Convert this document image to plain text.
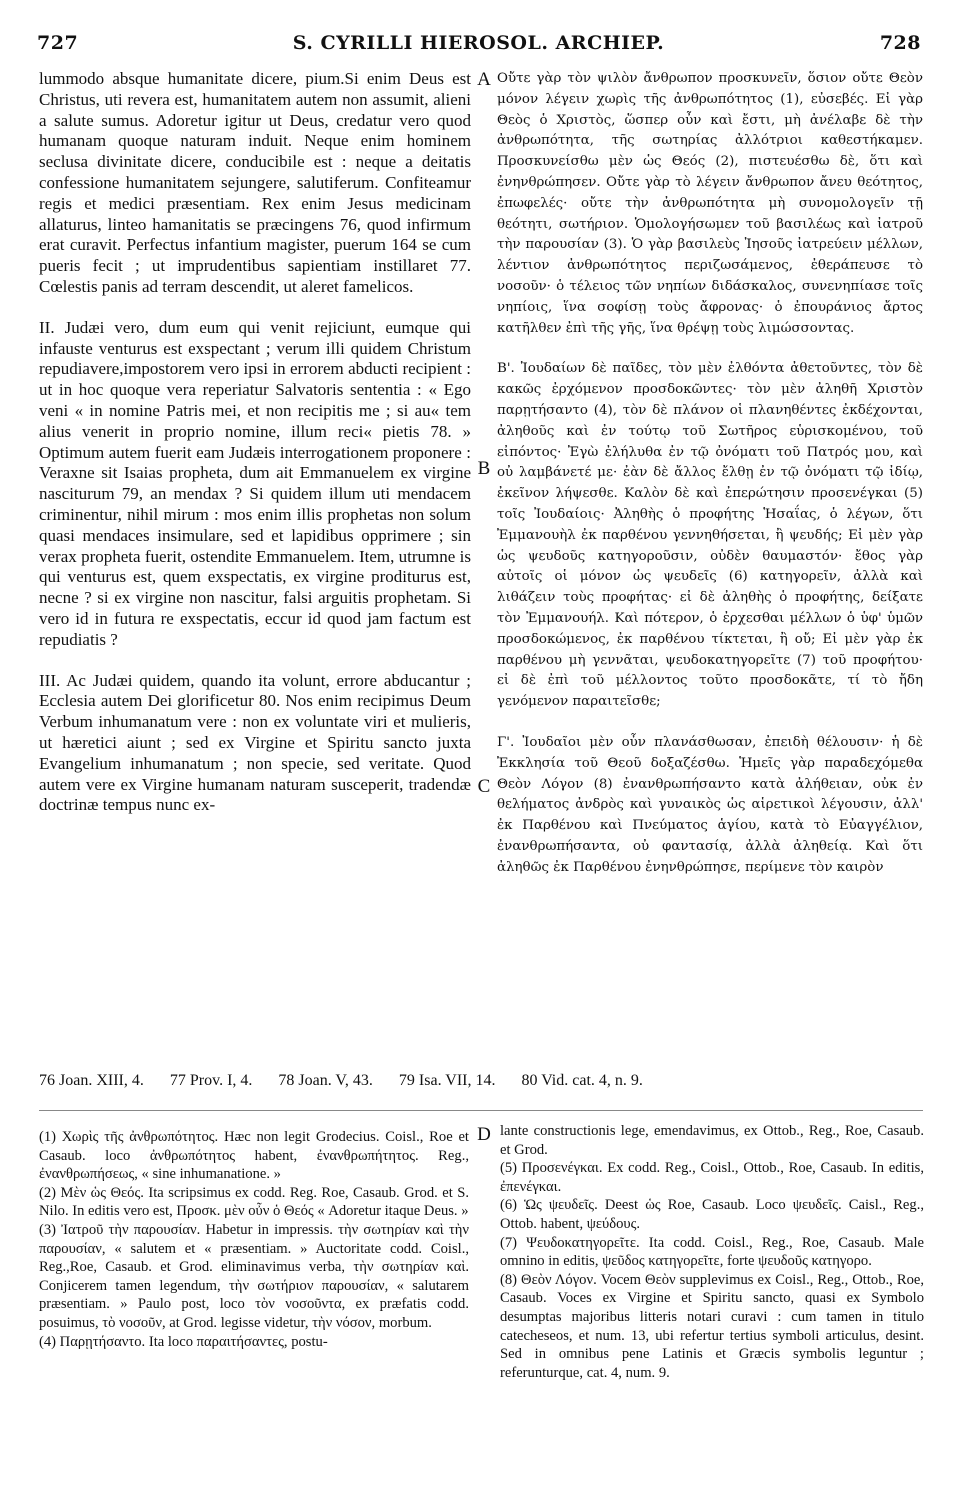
S. CYRILLI HIEROSOL. ARCHIEP.
727	728
A
B
C
D

lummodo absque humanitate dicere, pium.Si enim Deus est Christus, uti revera est, humanitatem autem non assumit, alieni a salute sumus. Adoretur igitur ut Deus, credatur vero quod humanam quoque naturam induit. Neque enim hominem seclusa divinitate dicere, conducibile est : neque a deitatis confessione humanitatem sejungere, salutiferum. Confiteamur regis et medici præsentiam. Rex enim Jesus medicinam allaturus, linteo hamanitatis se præcingens 76, quod infirmum erat curavit. Perfectus infantium magister, puerum 164 se cum pueris fecit ; ut imprudentibus sapientiam instillaret 77. Cœlestis panis ad terram descendit, ut aleret famelicos.

II. Judæi vero, dum eum qui venit rejiciunt, eumque qui infauste venturus est exspectant ; verum illi quidem Christum repudiavere,impostorem vero ipsi in errorem abducti recipient : ut in hoc quoque vera reperiatur Salvatoris sententia : « Ego veni « in nomine Patris mei, et non recipitis me ; si au« tem alius venerit in proprio nomine, illum reci« pietis 78. » Optimum autem fuerit eam Judæis interrogationem proponere : Veraxne sit Isaias propheta, dum ait Emmanuelem ex virgine nasciturum 79, an mendax ? Si quidem illum uti mendacem criminentur, nihil mirum : mos enim illis prophetas non solum quasi mendaces insimulare, sed et lapidibus opprimere ; sin verax propheta fuerit, ostendite Emmanuelem. Item, utrumne is qui venturus est, quem exspectatis, ex virgine proditurus est, necne ? si ex virgine non nascitur, falsi arguitis prophetam. Si vero id in futura re exspectatis, eccur id quod jam factum est repudiatis ?

III. Ac Judæi quidem, quando ita volunt, errore abducantur ; Ecclesia autem Dei glorificetur 80. Nos enim recipimus Deum Verbum inhumanatum vere : non ex voluntate viri et mulieris, ut hæretici aiunt ; sed ex Virgine et Spiritu sancto juxta Evangelium inhumanatum ; non specie, sed veritate. Quod autem vere ex Virgine humanam naturam susceperit, tradendæ doctrinæ tempus nunc ex-

Οὔτε γὰρ τὸν ψιλὸν ἄνθρωπον προσκυνεῖν, ὅσιον οὔτε Θεὸν μόνον λέγειν χωρὶς τῆς ἀνθρωπότητος (1), εὐσεβές. Εἰ γὰρ Θεὸς ὁ Χριστὸς, ὥσπερ οὖν καὶ ἔστι, μὴ ἀνέλαβε δὲ τὴν ἀνθρωπότητα, τῆς σωτηρίας ἀλλότριοι καθεστήκαμεν. Προσκυνείσθω μὲν ὡς Θεός (2), πιστευέσθω δὲ, ὅτι καὶ ἐνηνθρώπησεν. Οὔτε γὰρ τὸ λέγειν ἄνθρωπον ἄνευ θεότητος, ἐπωφελές· οὔτε τὴν ἀνθρωπότητα μὴ συνομολογεῖν τῇ θεότητι, σωτήριον. Ὁμολογήσωμεν τοῦ βασιλέως καὶ ἰατροῦ τὴν παρουσίαν (3). Ὁ γὰρ βασιλεὺς Ἰησοῦς ἰατρεύειν μέλλων, λέντιον ἀνθρωπότητος περιζωσάμενος, ἐθεράπευσε τὸ νοσοῦν· ὁ τέλειος τῶν νηπίων διδάσκαλος, συνενηπίασε τοῖς νηπίοις, ἵνα σοφίσῃ τοὺς ἄφρονας· ὁ ἐπουράνιος ἄρτος κατῆλθεν ἐπὶ τῆς γῆς, ἵνα θρέψῃ τοὺς λιμώσσοντας.

Β'. Ἰουδαίων δὲ παῖδες, τὸν μὲν ἐλθόντα ἀθετοῦντες, τὸν δὲ κακῶς ἐρχόμενον προσδοκῶντες· τὸν μὲν ἀληθῆ Χριστὸν παρῃτήσαντο (4), τὸν δὲ πλάνον οἱ πλανηθέντες ἐκδέχονται, ἀληθοῦς καὶ ἐν τούτῳ τοῦ Σωτῆρος εὑρισκομένου, τοῦ εἰπόντος· Ἐγὼ ἐλήλυθα ἐν τῷ ὀνόματι τοῦ Πατρός μου, καὶ οὐ λαμβάνετέ με· ἐὰν δὲ ἄλλος ἔλθῃ ἐν τῷ ὀνόματι τῷ ἰδίῳ, ἐκεῖνον λήψεσθε. Καλὸν δὲ καὶ ἐπερώτησιν προσενέγκαι (5) τοῖς Ἰουδαίοις· Ἀληθὴς ὁ προφήτης Ἡσαΐας, ὁ λέγων, ὅτι Ἐμμανουὴλ ἐκ παρθένου γεννηθήσεται, ἢ ψευδής; Εἰ μὲν γὰρ ὡς ψευδοῦς κατηγοροῦσιν, οὐδὲν θαυμαστόν· ἔθος γὰρ αὐτοῖς οἱ μόνον ὡς ψευδεῖς (6) κατηγορεῖν, ἀλλὰ καὶ λιθάζειν τοὺς προφήτας· εἰ δὲ ἀληθὴς ὁ προφήτης, δείξατε τὸν Ἐμμανουήλ. Καὶ πότερον, ὁ ἐρχεσθαι μέλλων ὁ ὑφ' ὑμῶν προσδοκώμενος, ἐκ παρθένου τίκτεται, ἢ οὔ; Εἰ μὲν γὰρ ἐκ παρθένου μὴ γεννᾶται, ψευδοκατηγορεῖτε (7) τοῦ προφήτου· εἰ δὲ ἐπὶ τοῦ μέλλοντος τοῦτο προσδοκᾶτε, τί τὸ ἤδη γενόμενον παραιτεῖσθε;

Γ'. Ἰουδαῖοι μὲν οὖν πλανάσθωσαν, ἐπειδὴ θέλουσιν· ἡ δὲ Ἐκκλησία τοῦ Θεοῦ δοξαζέσθω. Ἡμεῖς γὰρ παραδεχόμεθα Θεὸν Λόγον (8) ἐνανθρωπήσαντο κατὰ ἀλήθειαν, οὐκ ἐν θελήματος ἀνδρὸς καὶ γυναικὸς ὡς αἱρετικοὶ λέγουσιν, ἀλλ' ἐκ Παρθένου καὶ Πνεύματος ἁγίου, κατὰ τὸ Εὐαγγέλιον, ἐνανθρωπήσαντα, οὐ φαντασίᾳ, ἀλλὰ ἀληθείᾳ. Καὶ ὅτι ἀληθῶς ἐκ Παρθένου ἐνηνθρώπησε, περίμενε τὸν καιρὸν

76 Joan. XIII, 4. 77 Prov. I, 4. 78 Joan. V, 43. 79 Isa. VII, 14. 80 Vid. cat. 4, n. 9.

(1) Χωρὶς τῆς ἀνθρωπότητος. Hæc non legit Grodecius. Coisl., Roe et Casaub. loco ἀνθρωπότητος habent, ἐνανθρωπήτητος. Reg., ἐνανθρωπήσεως, « sine inhumanatione. »

(2) Μὲν ὡς Θεός. Ita scripsimus ex codd. Reg. Roe, Casaub. Grod. et S. Nilo. In editis vero est, Προσκ. μὲν οὖν ὁ Θεός « Adoretur itaque Deus. »

(3) Ἰατροῦ τὴν παρουσίαν. Habetur in impressis. τὴν σωτηρίαν καὶ τὴν παρουσίαν, « salutem et « præsentiam. » Auctoritate codd. Coisl., Reg.,Roe, Casaub. et Grod. eliminavimus verba, τὴν σωτηρίαν καὶ. Conjicerem tamen legendum, τὴν σωτήριον παρουσίαν, « salutarem præsentiam. » Paulo post, loco τὸν νοσοῦντα, ex præfatis codd. posuimus, τὸ νοσοῦν, at Grod. legisse videtur, τὴν νόσον, morbum.

(4) Παρῃτήσαντο. Ita loco παραιτήσαντες, postu-

lante constructionis lege, emendavimus, ex Ottob., Reg., Roe, Casaub. et Grod.

(5) Προσενέγκαι. Ex codd. Reg., Coisl., Ottob., Roe, Casaub. In editis, ἐπενέγκαι.

(6) Ὡς ψευδεῖς. Deest ὡς Roe, Casaub. Loco ψευδεῖς. Caisl., Reg., Ottob. habent, ψεύδους.

(7) Ψευδοκατηγορεῖτε. Ita codd. Coisl., Reg., Roe, Casaub. Male omnino in editis, ψεῦδος κατηγορεῖτε, forte ψευδοῦς κατηγορο.

(8) Θεὸν Λόγον. Vocem Θεὸν supplevimus ex Coisl., Reg., Ottob., Roe, Casaub. Voces ex Virgine et Spiritu sancto, quasi ex Symbolo desumptas majoribus litteris notari curavi : cum tamen in titulo catecheseos, et num. 13, ubi refertur tertius symboli articulus, desint. Sed in omnibus pene Latinis et Græcis symbolis leguntur ; referunturque, cat. 4, num. 9.
